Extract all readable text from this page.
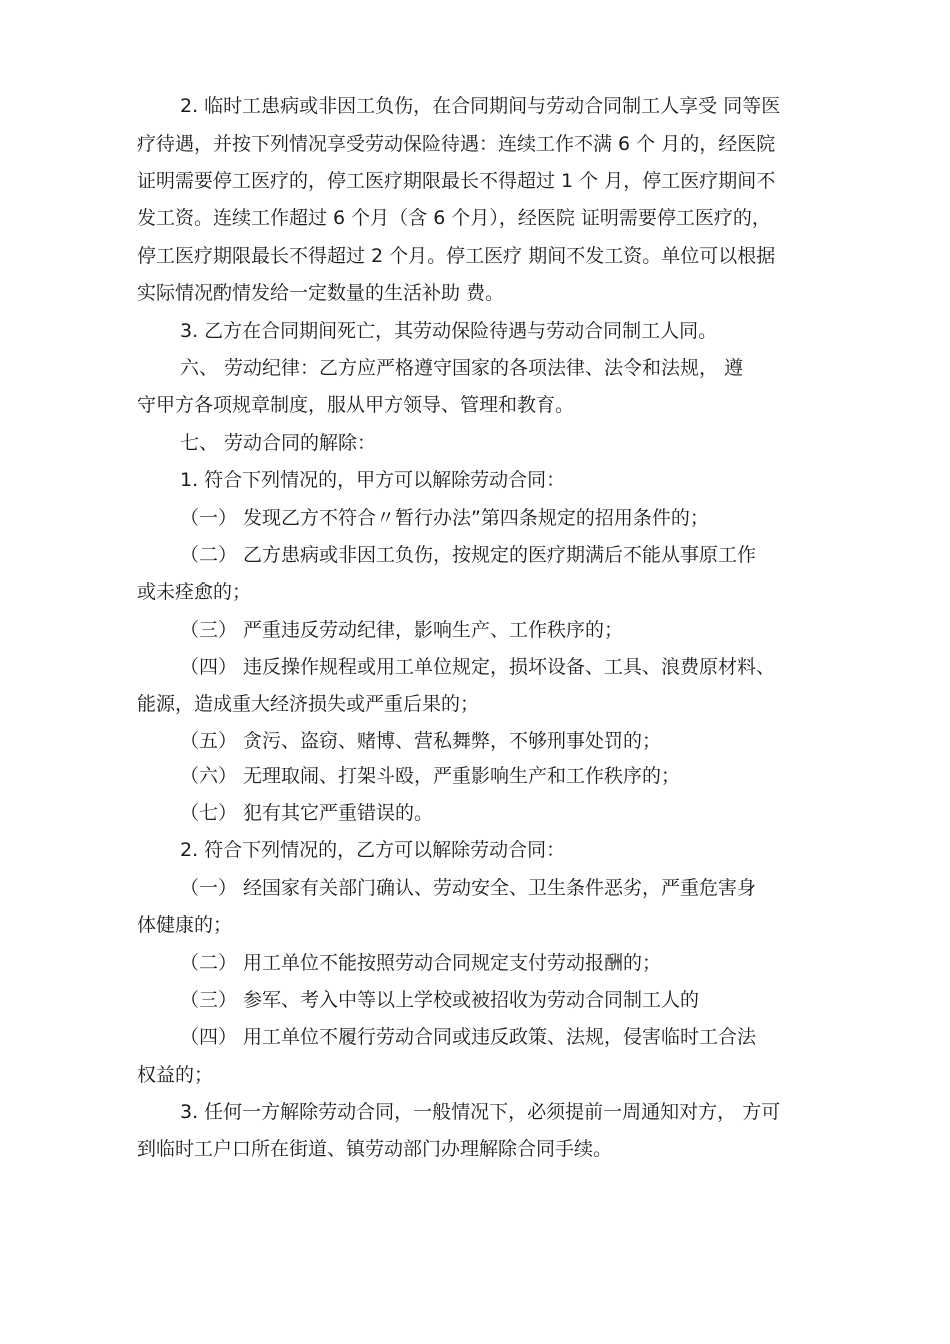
2. 临时工患病或非因工负伤，在合同期间与劳动合同制工人享受 同等医
疗待遇，并按下列情况享受劳动保险待遇：连续工作不满 6 个 月的，经医院
证明需要停工医疗的，停工医疗期限最长不得超过 1 个 月，停工医疗期间不
发工资。连续工作超过 6 个月（含 6 个月），经医院 证明需要停工医疗的，
停工医疗期限最长不得超过 2 个月。停工医疗 期间不发工资。单位可以根据
实际情况酌情发给一定数量的生活补助 费。
3. 乙方在合同期间死亡，其劳动保险待遇与劳动合同制工人同。
六、 劳动纪律：乙方应严格遵守国家的各项法律、法令和法规， 遵
守甲方各项规章制度，服从甲方领导、管理和教育。
七、 劳动合同的解除：
1. 符合下列情况的，甲方可以解除劳动合同：
（一） 发现乙方不符合〃暂行办法”第四条规定的招用条件的；
（二） 乙方患病或非因工负伤，按规定的医疗期满后不能从事原工作
或未痊愈的；
（三） 严重违反劳动纪律，影响生产、工作秩序的；
（四） 违反操作规程或用工单位规定，损坏设备、工具、浪费原材料、
能源，造成重大经济损失或严重后果的；
（五） 贪污、盗窃、赌博、营私舞弊，不够刑事处罚的；
（六） 无理取闹、打架斗殴，严重影响生产和工作秩序的；
（七） 犯有其它严重错误的。
2. 符合下列情况的，乙方可以解除劳动合同：
（一） 经国家有关部门确认、劳动安全、卫生条件恶劣，严重危害身
体健康的；
（二） 用工单位不能按照劳动合同规定支付劳动报酬的；
（三） 参军、考入中等以上学校或被招收为劳动合同制工人的
（四） 用工单位不履行劳动合同或违反政策、法规，侵害临时工合法
权益的；
3. 任何一方解除劳动合同，一般情况下，必须提前一周通知对方， 方可
到临时工户口所在街道、镇劳动部门办理解除合同手续。
